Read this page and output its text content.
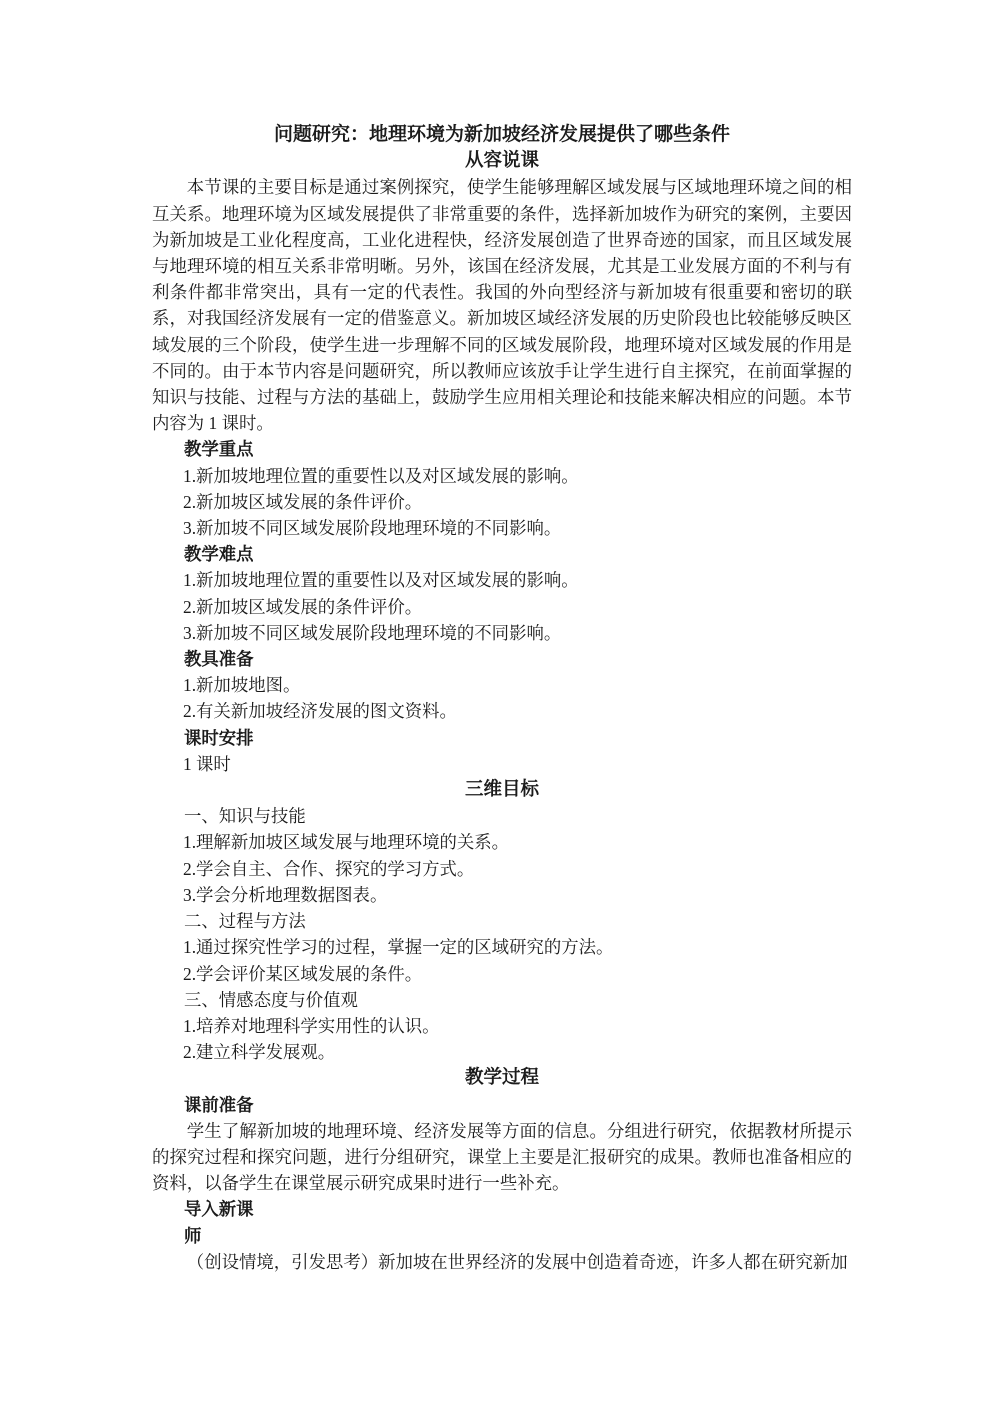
问题研究：地理环境为新加坡经济发展提供了哪些条件
从容说课

本节课的主要目标是通过案例探究，使学生能够理解区域发展与区域地理环境之间的相互关系。地理环境为区域发展提供了非常重要的条件，选择新加坡作为研究的案例，主要因为新加坡是工业化程度高，工业化进程快，经济发展创造了世界奇迹的国家，而且区域发展与地理环境的相互关系非常明晰。另外，该国在经济发展，尤其是工业发展方面的不利与有利条件都非常突出，具有一定的代表性。我国的外向型经济与新加坡有很重要和密切的联系，对我国经济发展有一定的借鉴意义。新加坡区域经济发展的历史阶段也比较能够反映区域发展的三个阶段，使学生进一步理解不同的区域发展阶段，地理环境对区域发展的作用是不同的。由于本节内容是问题研究，所以教师应该放手让学生进行自主探究，在前面掌握的知识与技能、过程与方法的基础上，鼓励学生应用相关理论和技能来解决相应的问题。本节内容为 1 课时。

教学重点
1.新加坡地理位置的重要性以及对区域发展的影响。
2.新加坡区域发展的条件评价。
3.新加坡不同区域发展阶段地理环境的不同影响。
教学难点
1.新加坡地理位置的重要性以及对区域发展的影响。
2.新加坡区域发展的条件评价。
3.新加坡不同区域发展阶段地理环境的不同影响。
教具准备
1.新加坡地图。
2.有关新加坡经济发展的图文资料。
课时安排
1 课时
三维目标
一、知识与技能
1.理解新加坡区域发展与地理环境的关系。
2.学会自主、合作、探究的学习方式。
3.学会分析地理数据图表。
二、过程与方法
1.通过探究性学习的过程，掌握一定的区域研究的方法。
2.学会评价某区域发展的条件。
三、情感态度与价值观
1.培养对地理科学实用性的认识。
2.建立科学发展观。
教学过程
课前准备

学生了解新加坡的地理环境、经济发展等方面的信息。分组进行研究，依据教材所提示的探究过程和探究问题，进行分组研究，课堂上主要是汇报研究的成果。教师也准备相应的资料，以备学生在课堂展示研究成果时进行一些补充。

导入新课
师

（创设情境，引发思考）新加坡在世界经济的发展中创造着奇迹，许多人都在研究新加
